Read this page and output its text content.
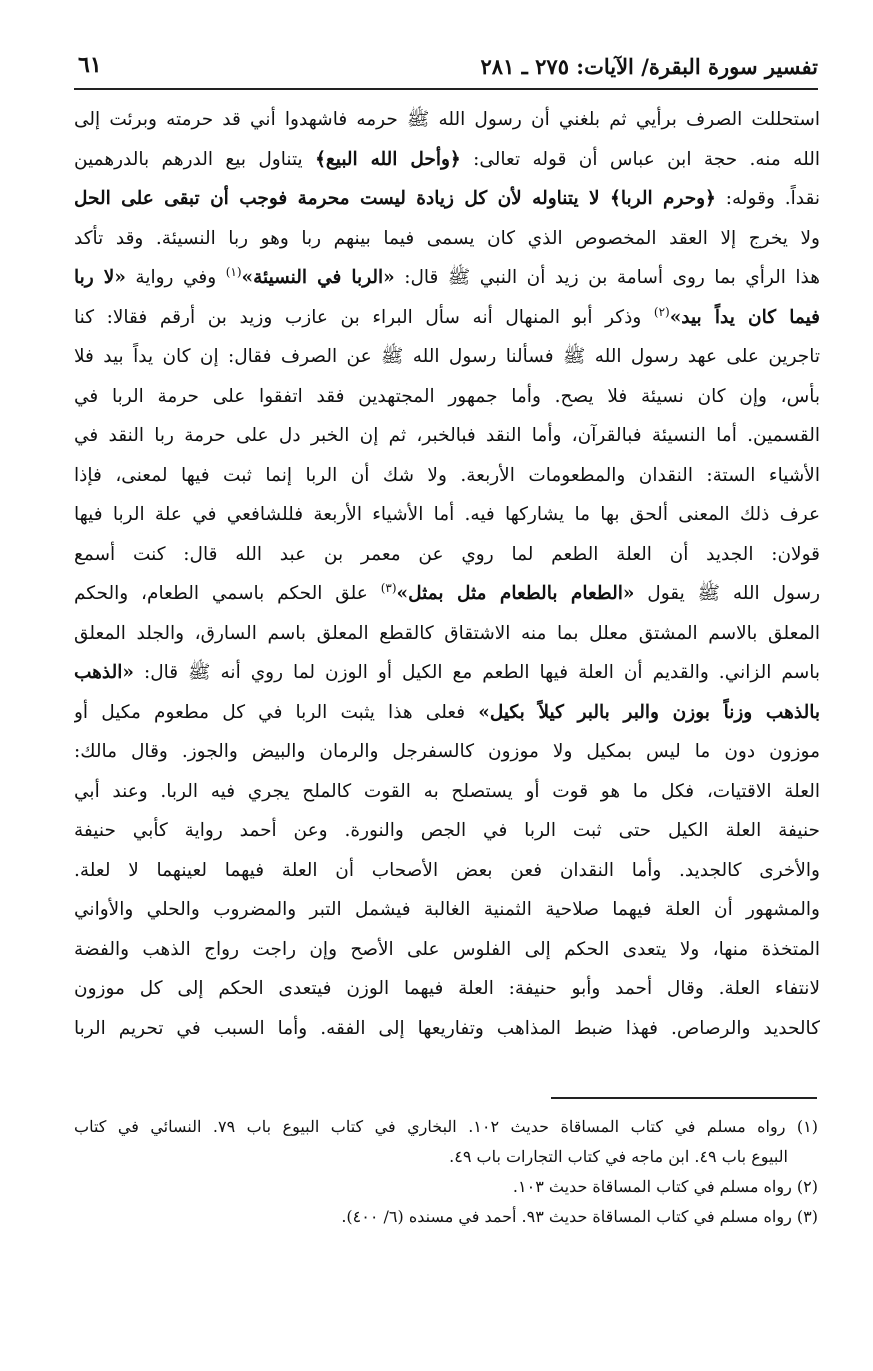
تفسير سورة البقرة/ الآيات: ٢٧٥ ـ ٢٨١
٦١
استحللت الصرف برأيي ثم بلغني أن رسول الله ﷺ حرمه فاشهدوا أني قد حرمته وبرئت إلى
الله منه. حجة ابن عباس أن قوله تعالى: ﴿وأحل الله البيع﴾ يتناول بيع الدرهم بالدرهمين
نقداً. وقوله: ﴿وحرم الربا﴾ لا يتناوله لأن كل زيادة ليست محرمة فوجب أن تبقى على الحل
ولا يخرج إلا العقد المخصوص الذي كان يسمى فيما بينهم ربا وهو ربا النسيئة. وقد تأكد
هذا الرأي بما روى أسامة بن زيد أن النبي ﷺ قال: «الربا في النسيئة»$^{(١)}$ وفي رواية «لا ربا
فيما كان يداً بيد»$^{(٢)}$ وذكر أبو المنهال أنه سأل البراء بن عازب وزيد بن أرقم فقالا: كنا
تاجرين على عهد رسول الله ﷺ فسألنا رسول الله ﷺ عن الصرف فقال: إن كان يداً بيد فلا
بأس، وإن كان نسيئة فلا يصح. وأما جمهور المجتهدين فقد اتفقوا على حرمة الربا في
القسمين. أما النسيئة فبالقرآن، وأما النقد فبالخبر، ثم إن الخبر دل على حرمة ربا النقد في
الأشياء الستة: النقدان والمطعومات الأربعة. ولا شك أن الربا إنما ثبت فيها لمعنى، فإذا
عرف ذلك المعنى ألحق بها ما يشاركها فيه. أما الأشياء الأربعة فللشافعي في علة الربا فيها
قولان: الجديد أن العلة الطعم لما روي عن معمر بن عبد الله قال: كنت أسمع
رسول الله ﷺ يقول «الطعام بالطعام مثل بمثل»$^{(٣)}$ علق الحكم باسمي الطعام، والحكم
المعلق بالاسم المشتق معلل بما منه الاشتقاق كالقطع المعلق باسم السارق، والجلد المعلق
باسم الزاني. والقديم أن العلة فيها الطعم مع الكيل أو الوزن لما روي أنه ﷺ قال: «الذهب
بالذهب وزناً بوزن والبر بالبر كيلاً بكيل» فعلى هذا يثبت الربا في كل مطعوم مكيل أو
موزون دون ما ليس بمكيل ولا موزون كالسفرجل والرمان والبيض والجوز. وقال مالك:
العلة الاقتيات، فكل ما هو قوت أو يستصلح به القوت كالملح يجري فيه الربا. وعند أبي
حنيفة العلة الكيل حتى ثبت الربا في الجص والنورة. وعن أحمد رواية كأبي حنيفة
والأخرى كالجديد. وأما النقدان فعن بعض الأصحاب أن العلة فيهما لعينهما لا لعلة.
والمشهور أن العلة فيهما صلاحية الثمنية الغالبة فيشمل التبر والمضروب والحلي والأواني
المتخذة منها، ولا يتعدى الحكم إلى الفلوس على الأصح وإن راجت رواج الذهب والفضة
لانتفاء العلة. وقال أحمد وأبو حنيفة: العلة فيهما الوزن فيتعدى الحكم إلى كل موزون
كالحديد والرصاص. فهذا ضبط المذاهب وتفاريعها إلى الفقه. وأما السبب في تحريم الربا
(١) رواه مسلم في كتاب المساقاة حديث ١٠٢. البخاري في كتاب البيوع باب ٧٩. النسائي في كتاب
البيوع باب ٤٩. ابن ماجه في كتاب التجارات باب ٤٩.
(٢) رواه مسلم في كتاب المساقاة حديث ١٠٣.
(٣) رواه مسلم في كتاب المساقاة حديث ٩٣. أحمد في مسنده (٦/ ٤٠٠).
